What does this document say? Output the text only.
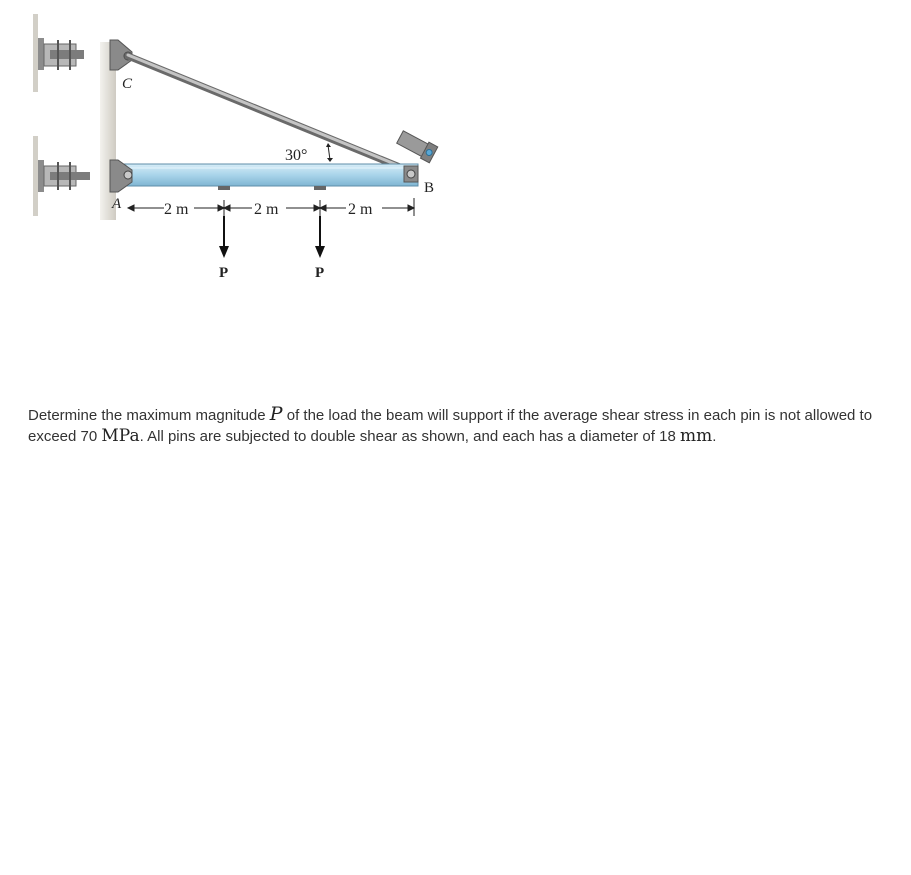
30°
C
A
B
2 m	2 m	2 m
P	P
Determine the maximum magnitude P of the load the beam will support if the average shear stress in each pin is not allowed to exceed 70 MPa. All pins are subjected to double shear as shown, and each has a diameter of 18 mm.
